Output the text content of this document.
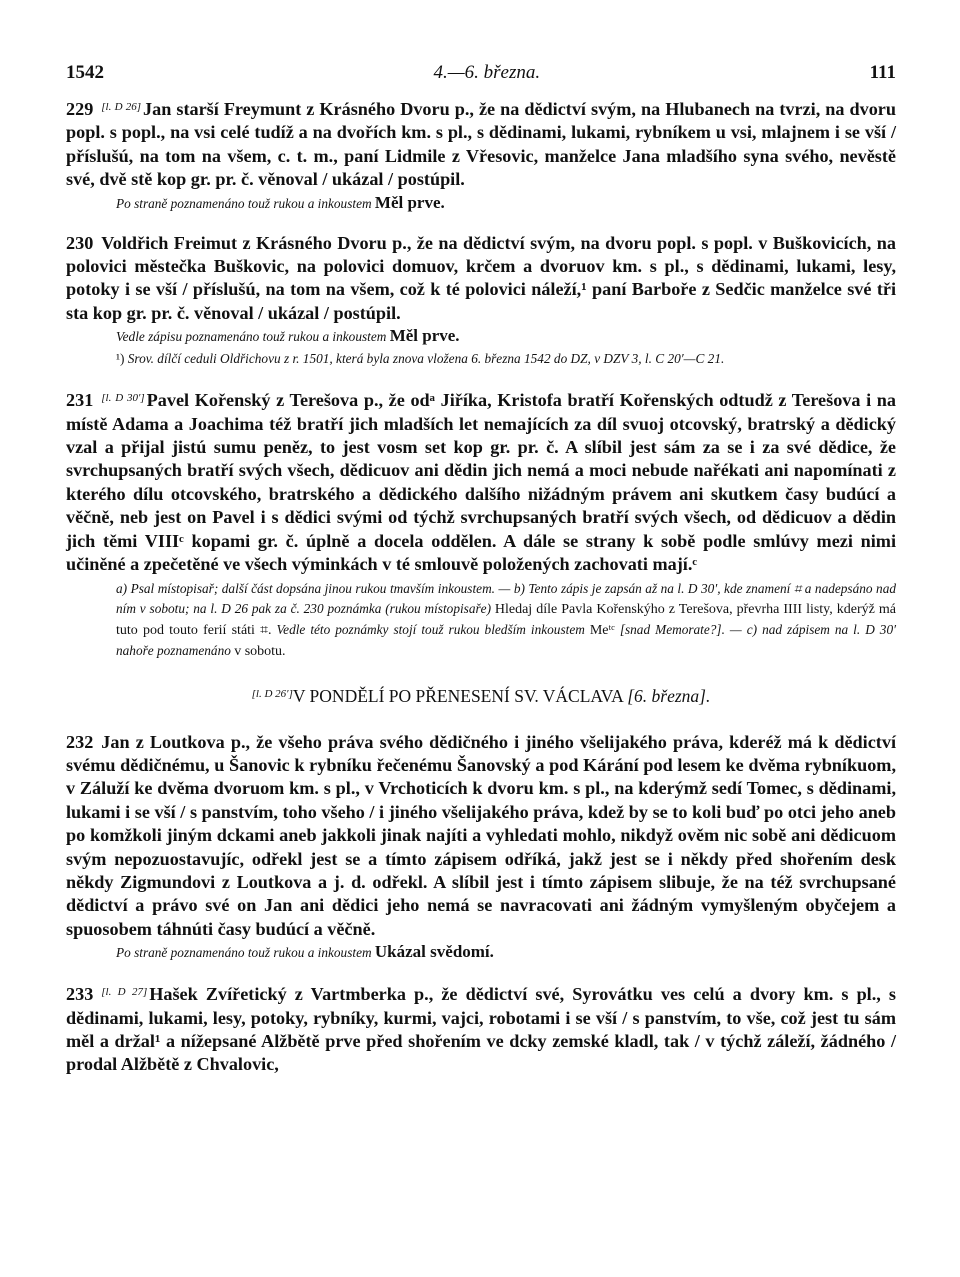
1542	4.—6. března.	111

229 [l. D 26] Jan starší Freymunt z Krásného Dvoru p., že na dědictví svým, na Hlubanech na tvrzi, na dvoru popl. s popl., na vsi celé tudíž a na dvořích km. s pl., s dědinami, lukami, rybníkem u vsi, mlajnem i se vší / příslušú, na tom na všem, c. t. m., paní Lidmile z Vřesovic, manželce Jana mladšího syna svého, nevěstě své, dvě stě kop gr. pr. č. věnoval / ukázal / postúpil.

Po straně poznamenáno touž rukou a inkoustem Měl prve.

230 Voldřich Freimut z Krásného Dvoru p., že na dědictví svým, na dvoru popl. s popl. v Buškovicích, na polovici městečka Buškovic, na polovici domuov, krčem a dvoruov km. s pl., s dědinami, lukami, lesy, potoky i se vší / příslušú, na tom na všem, což k té polovici náleží,¹ paní Barboře z Sedčic manželce své tři sta kop gr. pr. č. věnoval / ukázal / postúpil.

Vedle zápisu poznamenáno touž rukou a inkoustem Měl prve.

¹) Srov. dílčí ceduli Oldřichovu z r. 1501, která byla znova vložena 6. března 1542 do DZ, v DZV 3, l. C 20′—C 21.

231 [l. D 30′] Pavel Kořenský z Terešova p., že odᵃ Jiříka, Kristofa bratří Kořenských odtudž z Terešova i na místě Adama a Joachima též bratří jich mladších let nemajících za díl svuoj otcovský, bratrský a dědický vzal a přijal jistú sumu peněz, to jest vosm set kop gr. pr. č. A slíbil jest sám za se i za své dědice, že svrchupsaných bratří svých všech, dědicuov ani dědin jich nemá a moci nebude nařékati ani napomínati z kterého dílu otcovského, bratrského a dědického dalšího nižádným právem ani skutkem časy budúcí a věčně, neb jest on Pavel i s dědici svými od týchž svrchupsaných bratří svých všech, od dědicuov a dědin jich těmi VIIIᶜ kopami gr. č. úplně a docela oddělen. A dále se strany k sobě podle smlúvy mezi nimi učiněné a zpečetěné ve všech výminkách v té smlouvě položených zachovati mají.ᶜ

a) Psal místopisař; další část dopsána jinou rukou tmavším inkoustem. — b) Tento zápis je zapsán až na l. D 30′, kde znamení ⌗ a nadepsáno nad ním v sobotu; na l. D 26 pak za č. 230 poznámka (rukou místopisaře) Hledaj díle Pavla Kořenskýho z Terešova, převrha IIII listy, kderýž má tuto pod touto ferií státi ⌗. Vedle této poznámky stojí touž rukou bledším inkoustem Meᵗᶜ [snad Memorate?]. — c) nad zápisem na l. D 30′ nahoře poznamenáno v sobotu.

[l. D 26′]V PONDĚLÍ PO PŘENESENÍ SV. VÁCLAVA [6. března].

232 Jan z Loutkova p., že všeho práva svého dědičného i jiného všelijakého práva, kderéž má k dědictví svému dědičnému, u Šanovic k rybníku řečenému Šanovský a pod Kárání pod lesem ke dvěma rybníkuom, v Záluží ke dvěma dvoruom km. s pl., v Vrchoticích k dvoru km. s pl., na kderýmž sedí Tomec, s dědinami, lukami i se vší / s panstvím, toho všeho / i jiného všelijakého práva, kdež by se to koli buď po otci jeho aneb po komžkoli jiným dckami aneb jakkoli jinak najíti a vyhledati mohlo, nikdyž ověm nic sobě ani dědicuom svým nepozuostavujíc, odřekl jest se a tímto zápisem odříká, jakž jest se i někdy před shořením desk někdy Zigmundovi z Loutkova a j. d. odřekl. A slíbil jest i tímto zápisem slibuje, že na též svrchupsané dědictví a právo své on Jan ani dědici jeho nemá se navracovati ani žádným vymyšleným obyčejem a spuosobem táhnúti časy budúcí a věčně.

Po straně poznamenáno touž rukou a inkoustem Ukázal svědomí.

233 [l. D 27] Hašek Zvířetický z Vartmberka p., že dědictví své, Syrovátku ves celú a dvory km. s pl., s dědinami, lukami, lesy, potoky, rybníky, kurmi, vajci, robotami i se vší / s panstvím, to vše, což jest tu sám měl a držal¹ a nížepsané Alžbětě prve před shořením ve dcky zemské kladl, tak / v týchž záleží, žádného / prodal Alžbětě z Chvalovic,
